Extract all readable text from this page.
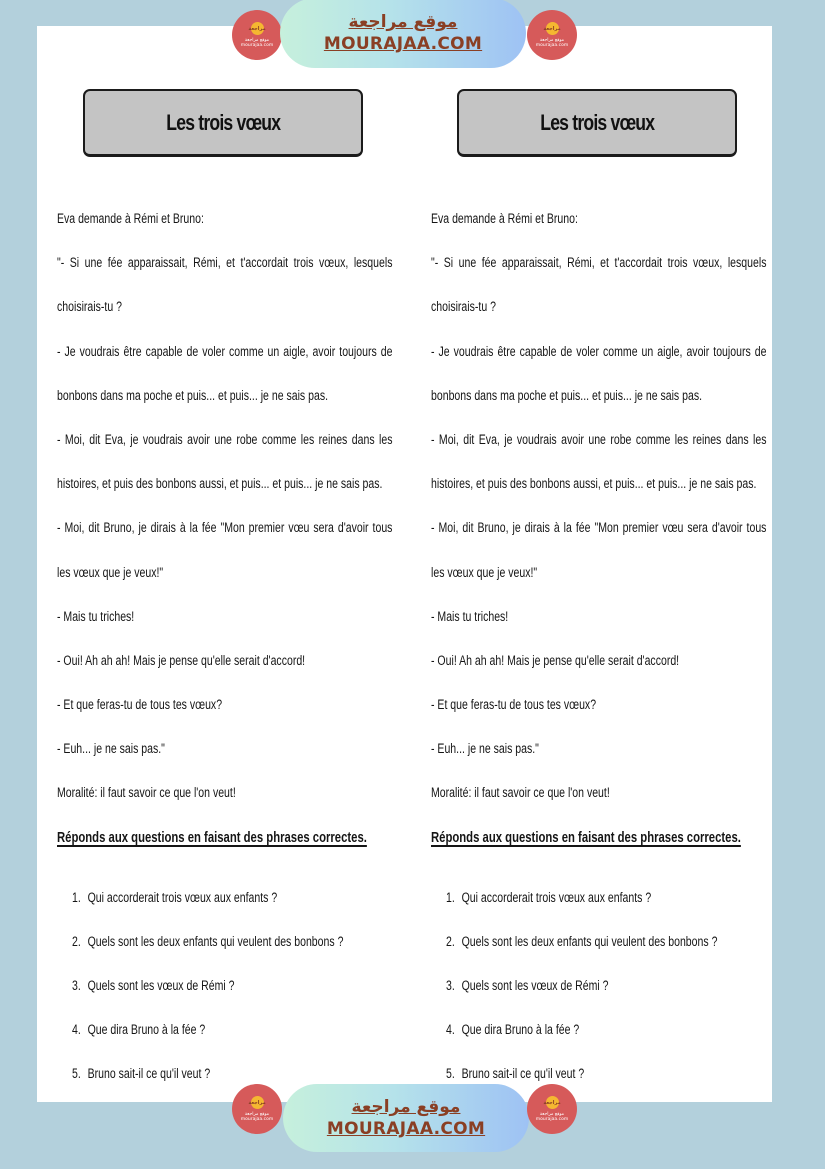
Les trois vœux
Eva demande à Rémi et Bruno:
"- Si une fée apparaissait, Rémi, et t'accordait trois vœux, lesquels
choisirais-tu ?
- Je voudrais être capable de voler comme un aigle, avoir toujours de
bonbons dans ma poche et puis... et puis... je ne sais pas.
- Moi, dit Eva, je voudrais avoir une robe comme les reines dans les
histoires, et puis des bonbons aussi, et puis... et puis... je ne sais pas.
- Moi, dit Bruno, je dirais à la fée "Mon premier vœu sera d'avoir tous
les vœux que je veux!"
- Mais tu triches!
- Oui! Ah ah ah! Mais je pense qu'elle serait d'accord!
- Et que feras-tu de tous tes vœux?
- Euh... je ne sais pas."
Moralité: il faut savoir ce que l'on veut!
Réponds aux questions en faisant des phrases correctes.
1. Qui accorderait trois vœux aux enfants ?
2. Quels sont les deux enfants qui veulent des bonbons ?
3. Quels sont les vœux de Rémi ?
4. Que dira Bruno à la fée ?
5. Bruno sait-il ce qu'il veut ?
Les trois vœux
Eva demande à Rémi et Bruno:
"- Si une fée apparaissait, Rémi, et t'accordait trois vœux, lesquels
choisirais-tu ?
- Je voudrais être capable de voler comme un aigle, avoir toujours de
bonbons dans ma poche et puis... et puis... je ne sais pas.
- Moi, dit Eva, je voudrais avoir une robe comme les reines dans les
histoires, et puis des bonbons aussi, et puis... et puis... je ne sais pas.
- Moi, dit Bruno, je dirais à la fée "Mon premier vœu sera d'avoir tous
les vœux que je veux!"
- Mais tu triches!
- Oui! Ah ah ah! Mais je pense qu'elle serait d'accord!
- Et que feras-tu de tous tes vœux?
- Euh... je ne sais pas."
Moralité: il faut savoir ce que l'on veut!
Réponds aux questions en faisant des phrases correctes.
1. Qui accorderait trois vœux aux enfants ?
2. Quels sont les deux enfants qui veulent des bonbons ?
3. Quels sont les vœux de Rémi ?
4. Que dira Bruno à la fée ?
5. Bruno sait-il ce qu'il veut ?
مراجعة
موقع مراجعة
mourajaa.com
موقع مراجعة
MOURAJAA.COM
مراجعة
موقع مراجعة
mourajaa.com
مراجعة
موقع مراجعة
mourajaa.com
موقع مراجعة
MOURAJAA.COM
مراجعة
موقع مراجعة
mourajaa.com
